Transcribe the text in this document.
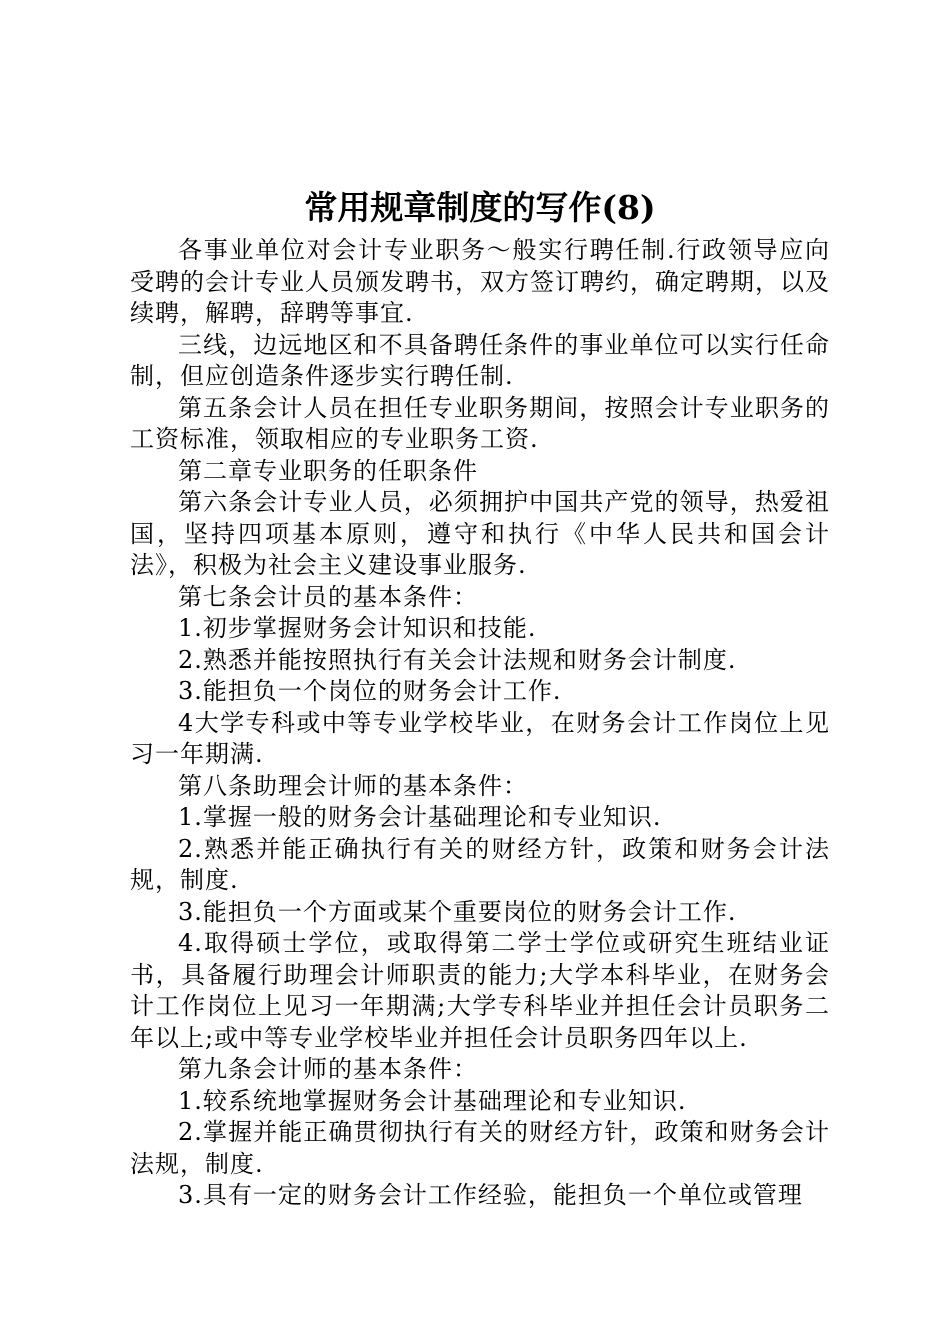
常用规章制度的写作(8)

各事业单位对会计专业职务～般实行聘任制.行政领导应向受聘的会计专业人员颁发聘书，双方签订聘约，确定聘期，以及续聘，解聘，辞聘等事宜.

三线，边远地区和不具备聘任条件的事业单位可以实行任命制，但应创造条件逐步实行聘任制.

第五条会计人员在担任专业职务期间，按照会计专业职务的工资标准，领取相应的专业职务工资.

第二章专业职务的任职条件

第六条会计专业人员，必须拥护中国共产党的领导，热爱祖国，坚持四项基本原则，遵守和执行《中华人民共和国会计法》，积极为社会主义建设事业服务.

第七条会计员的基本条件：

1.初步掌握财务会计知识和技能.

2.熟悉并能按照执行有关会计法规和财务会计制度.

3.能担负一个岗位的财务会计工作.

4大学专科或中等专业学校毕业，在财务会计工作岗位上见习一年期满.

第八条助理会计师的基本条件：

1.掌握一般的财务会计基础理论和专业知识.

2.熟悉并能正确执行有关的财经方针，政策和财务会计法规，制度.

3.能担负一个方面或某个重要岗位的财务会计工作.

4.取得硕士学位，或取得第二学士学位或研究生班结业证书，具备履行助理会计师职责的能力;大学本科毕业，在财务会计工作岗位上见习一年期满;大学专科毕业并担任会计员职务二年以上;或中等专业学校毕业并担任会计员职务四年以上.

第九条会计师的基本条件：

1.较系统地掌握财务会计基础理论和专业知识.

2.掌握并能正确贯彻执行有关的财经方针，政策和财务会计法规，制度.

3.具有一定的财务会计工作经验，能担负一个单位或管理
